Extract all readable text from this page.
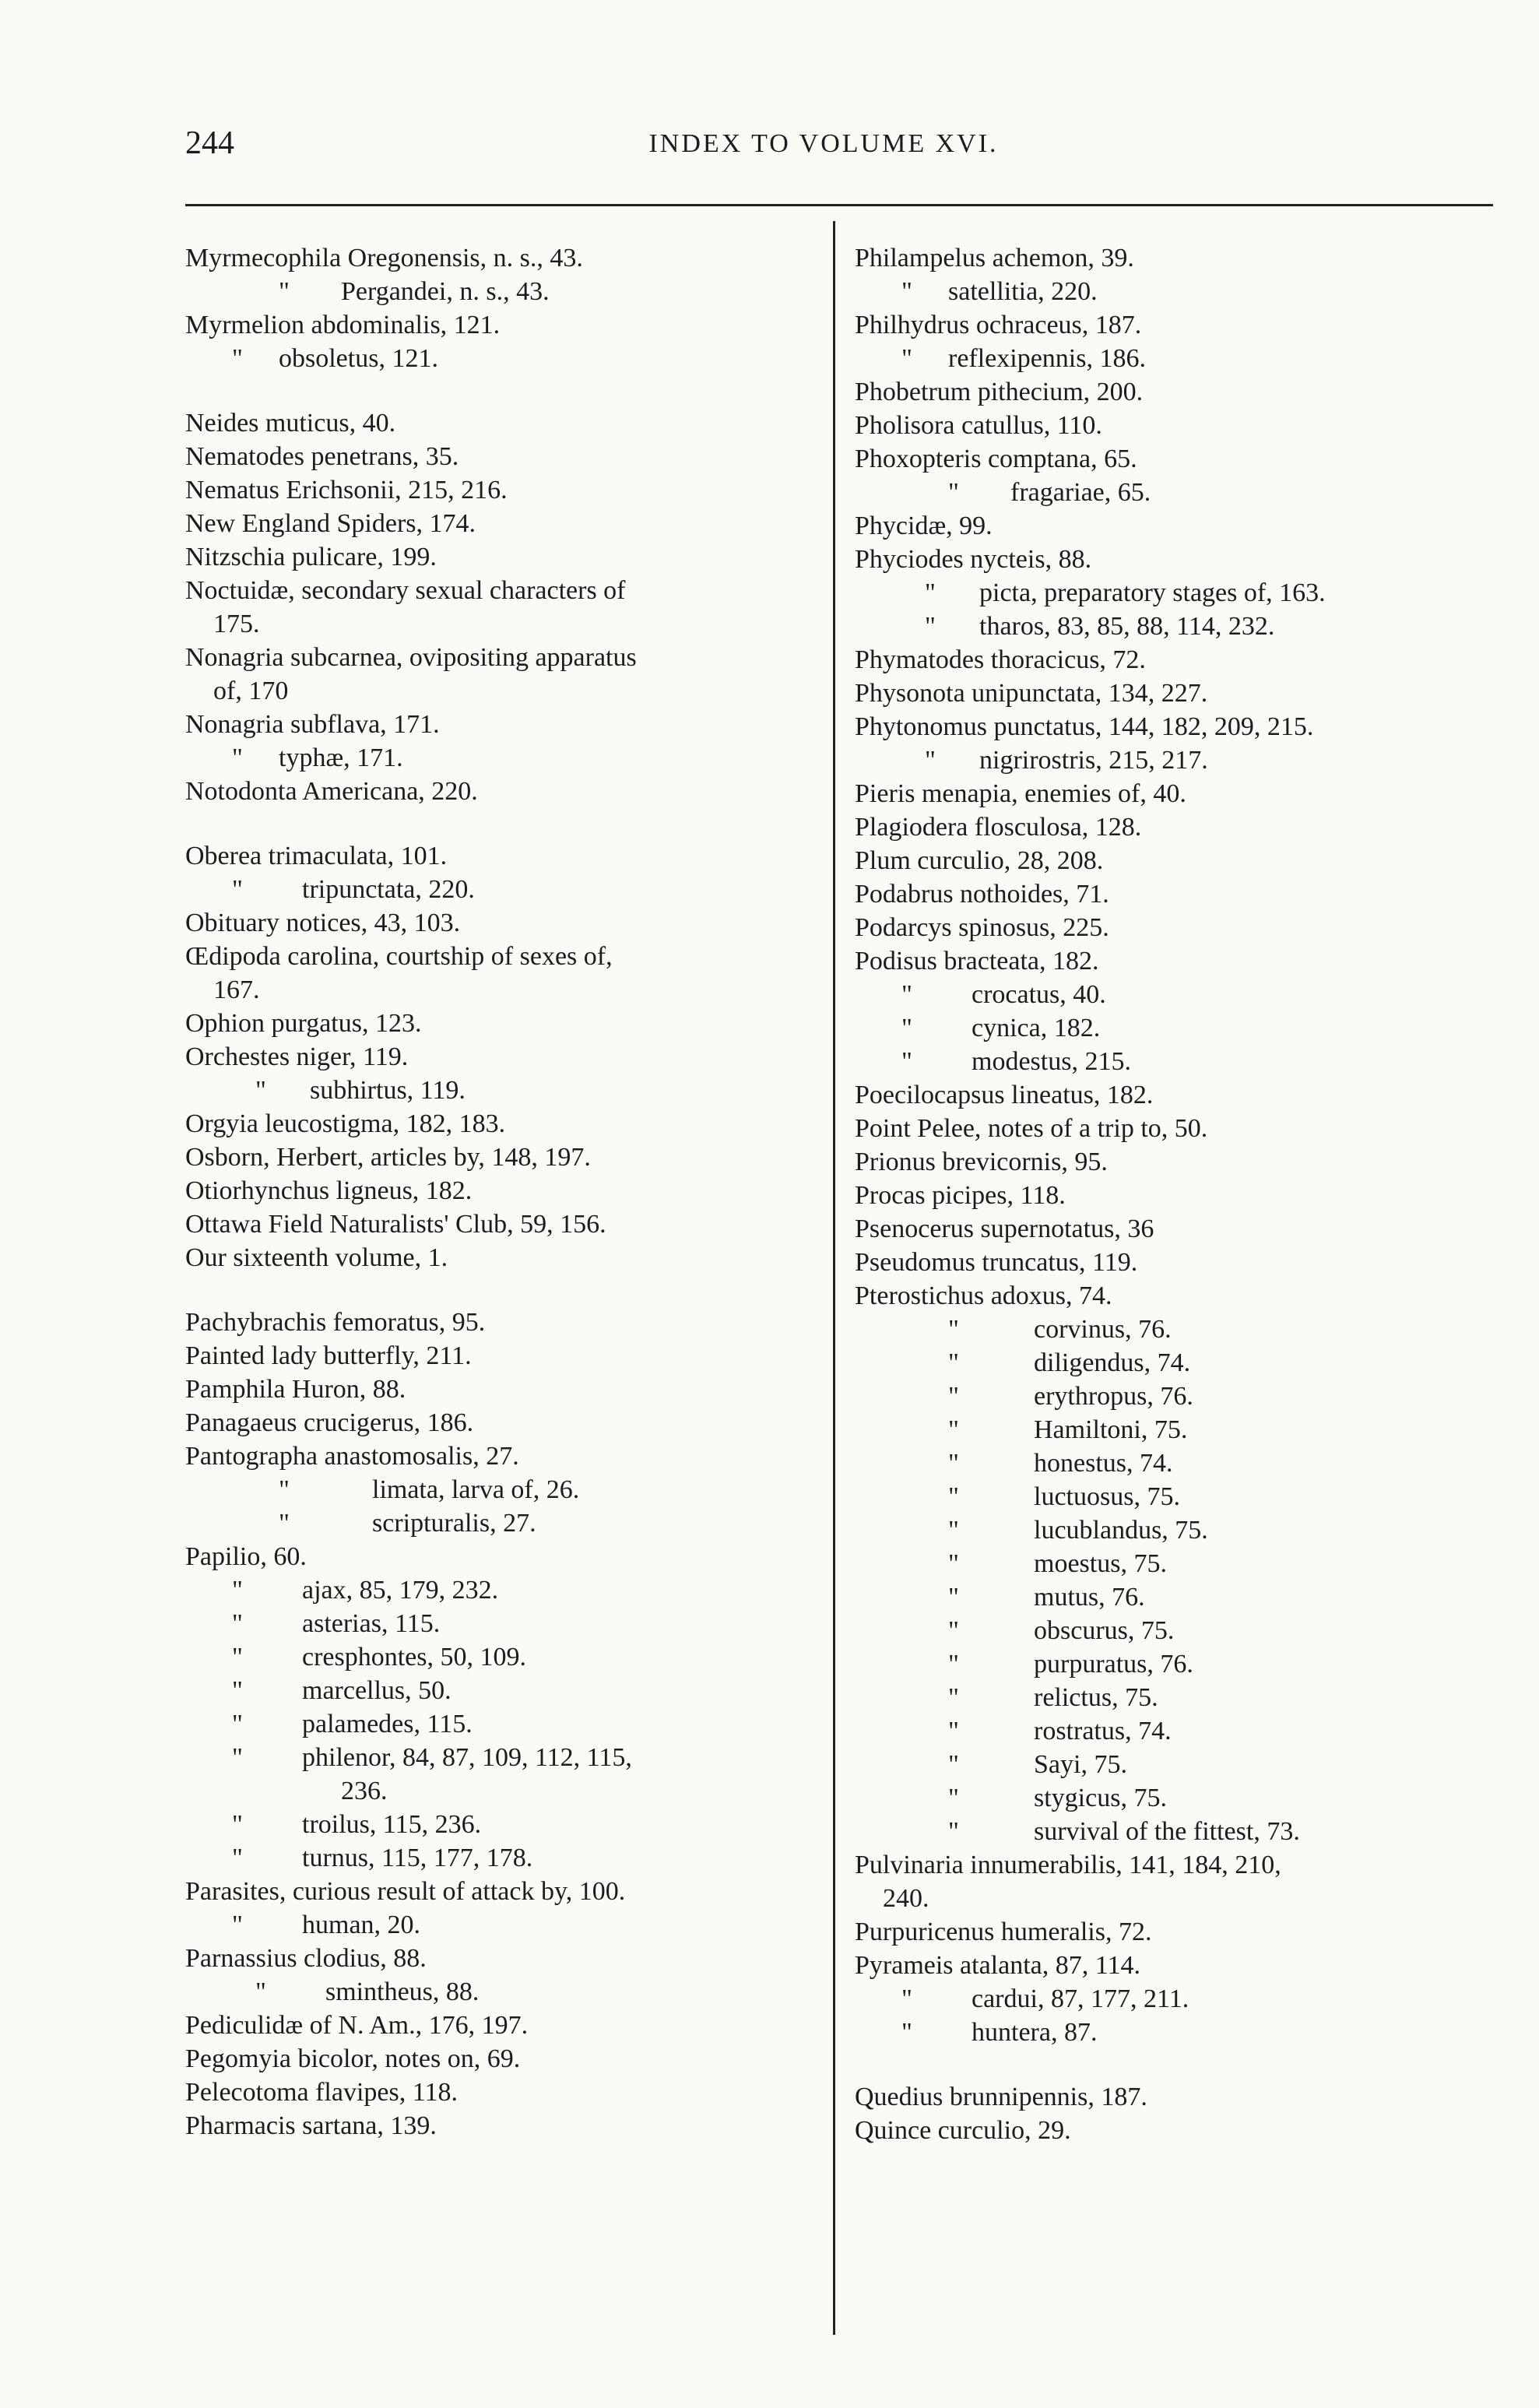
244	INDEX TO VOLUME XVI.
Myrmecophila Oregonensis, n. s., 43.
" Pergandei, n. s., 43.
Myrmelion abdominalis, 121.
" obsoletus, 121.
Neides muticus, 40.
Nematodes penetrans, 35.
Nematus Erichsonii, 215, 216.
New England Spiders, 174.
Nitzschia pulicare, 199.
Noctuidæ, secondary sexual characters of
175.
Nonagria subcarnea, ovipositing apparatus
of, 170
Nonagria subflava, 171.
" typhæ, 171.
Notodonta Americana, 220.
Oberea trimaculata, 101.
" tripunctata, 220.
Obituary notices, 43, 103.
Œdipoda carolina, courtship of sexes of,
167.
Ophion purgatus, 123.
Orchestes niger, 119.
" subhirtus, 119.
Orgyia leucostigma, 182, 183.
Osborn, Herbert, articles by, 148, 197.
Otiorhynchus ligneus, 182.
Ottawa Field Naturalists' Club, 59, 156.
Our sixteenth volume, 1.
Pachybrachis femoratus, 95.
Painted lady butterfly, 211.
Pamphila Huron, 88.
Panagaeus crucigerus, 186.
Pantographa anastomosalis, 27.
"	limata, larva of, 26.
"	scripturalis, 27.
Papilio, 60.
" ajax, 85, 179, 232.
" asterias, 115.
" cresphontes, 50, 109.
" marcellus, 50.
" palamedes, 115.
" philenor, 84, 87, 109, 112, 115,
236.
" troilus, 115, 236.
" turnus, 115, 177, 178.
Parasites, curious result of attack by, 100.
" human, 20.
Parnassius clodius, 88.
" smintheus, 88.
Pediculidæ of N. Am., 176, 197.
Pegomyia bicolor, notes on, 69.
Pelecotoma flavipes, 118.
Pharmacis sartana, 139.
Philampelus achemon, 39.
" satellitia, 220.
Philhydrus ochraceus, 187.
" reflexipennis, 186.
Phobetrum pithecium, 200.
Pholisora catullus, 110.
Phoxopteris comptana, 65.
" fragariae, 65.
Phycidæ, 99.
Phyciodes nycteis, 88.
" picta, preparatory stages of, 163.
" tharos, 83, 85, 88, 114, 232.
Phymatodes thoracicus, 72.
Physonota unipunctata, 134, 227.
Phytonomus punctatus, 144, 182, 209, 215.
" nigrirostris, 215, 217.
Pieris menapia, enemies of, 40.
Plagiodera flosculosa, 128.
Plum curculio, 28, 208.
Podabrus nothoides, 71.
Podarcys spinosus, 225.
Podisus bracteata, 182.
" crocatus, 40.
" cynica, 182.
" modestus, 215.
Poecilocapsus lineatus, 182.
Point Pelee, notes of a trip to, 50.
Prionus brevicornis, 95.
Procas picipes, 118.
Psenocerus supernotatus, 36
Pseudomus truncatus, 119.
Pterostichus adoxus, 74.
"	corvinus, 76.
"	diligendus, 74.
"	erythropus, 76.
"	Hamiltoni, 75.
"	honestus, 74.
"	luctuosus, 75.
"	lucublandus, 75.
"	moestus, 75.
"	mutus, 76.
"	obscurus, 75.
"	purpuratus, 76.
"	relictus, 75.
"	rostratus, 74.
"	Sayi, 75.
"	stygicus, 75.
"	survival of the fittest, 73.
Pulvinaria innumerabilis, 141, 184, 210,
240.
Purpuricenus humeralis, 72.
Pyrameis atalanta, 87, 114.
" cardui, 87, 177, 211.
" huntera, 87.
Quedius brunnipennis, 187.
Quince curculio, 29.
